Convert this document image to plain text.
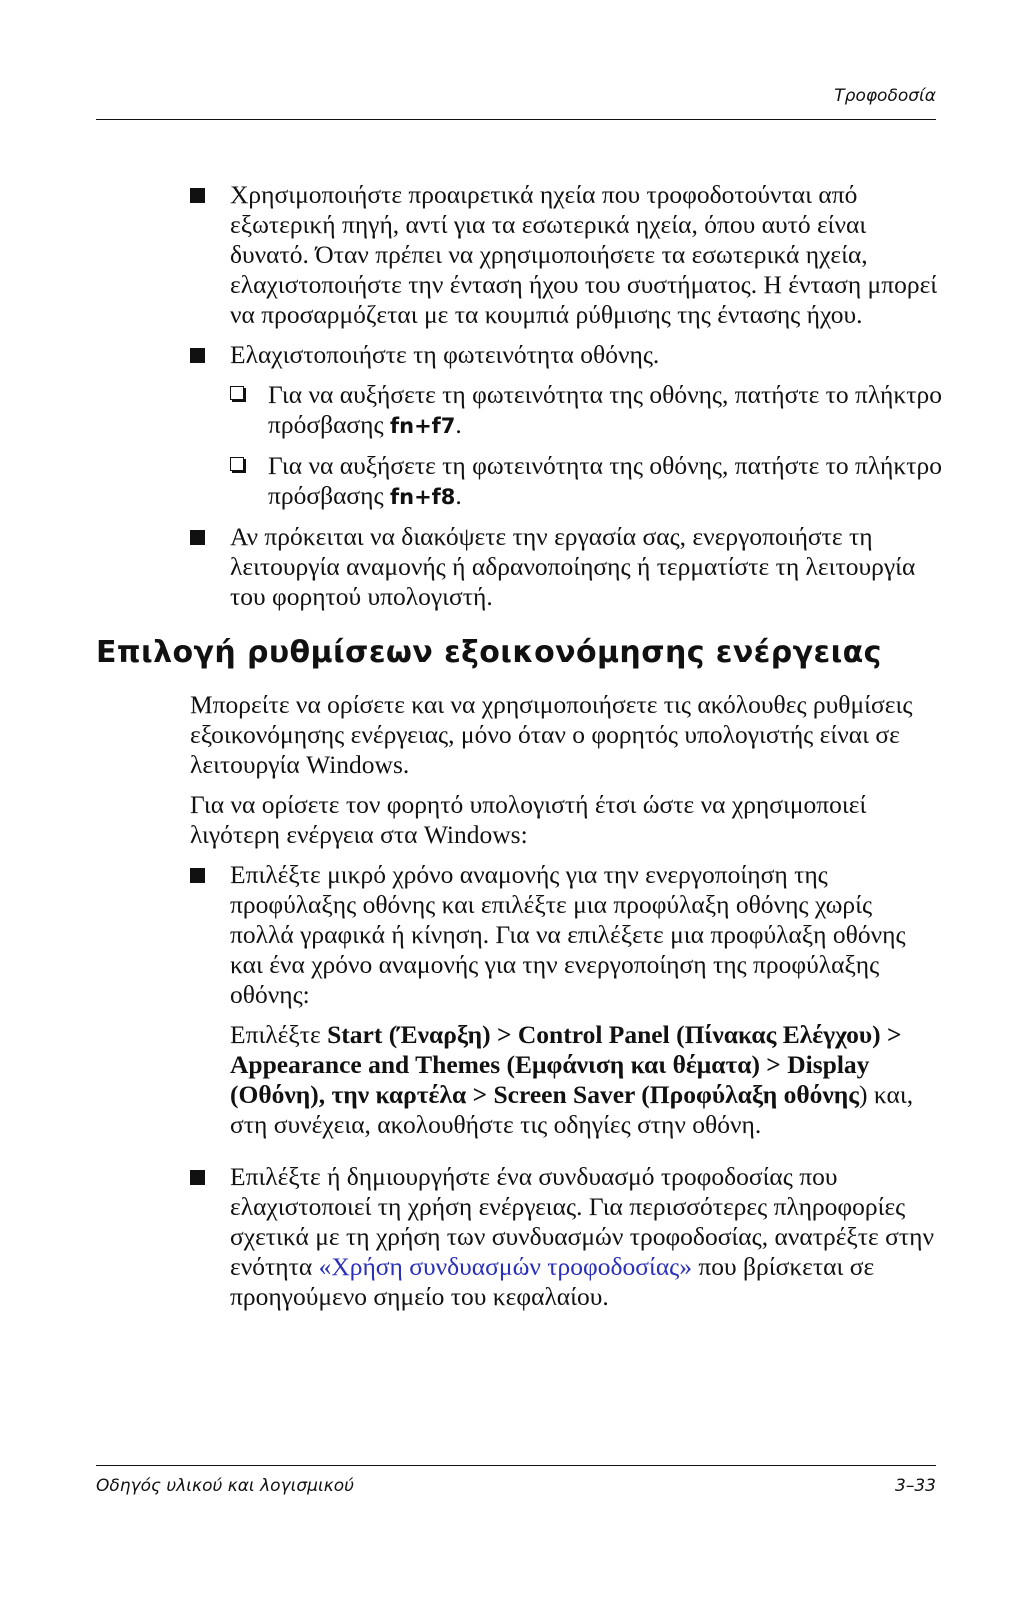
Τροφοδοσία
Χρησιμοποιήστε προαιρετικά ηχεία που τροφοδοτούνται από εξωτερική πηγή, αντί για τα εσωτερικά ηχεία, όπου αυτό είναι δυνατό. Όταν πρέπει να χρησιμοποιήσετε τα εσωτερικά ηχεία, ελαχιστοποιήστε την ένταση ήχου του συστήματος. Η ένταση μπορεί να προσαρμόζεται με τα κουμπιά ρύθμισης της έντασης ήχου.
Ελαχιστοποιήστε τη φωτεινότητα οθόνης.
Για να αυξήσετε τη φωτεινότητα της οθόνης, πατήστε το πλήκτρο πρόσβασης fn+f7.
Για να αυξήσετε τη φωτεινότητα της οθόνης, πατήστε το πλήκτρο πρόσβασης fn+f8.
Αν πρόκειται να διακόψετε την εργασία σας, ενεργοποιήστε τη λειτουργία αναμονής ή αδρανοποίησης ή τερματίστε τη λειτουργία του φορητού υπολογιστή.
Επιλογή ρυθμίσεων εξοικονόμησης ενέργειας
Μπορείτε να ορίσετε και να χρησιμοποιήσετε τις ακόλουθες ρυθμίσεις εξοικονόμησης ενέργειας, μόνο όταν ο φορητός υπολογιστής είναι σε λειτουργία Windows.
Για να ορίσετε τον φορητό υπολογιστή έτσι ώστε να χρησιμοποιεί λιγότερη ενέργεια στα Windows:
Επιλέξτε μικρό χρόνο αναμονής για την ενεργοποίηση της προφύλαξης οθόνης και επιλέξτε μια προφύλαξη οθόνης χωρίς πολλά γραφικά ή κίνηση. Για να επιλέξετε μια προφύλαξη οθόνης και ένα χρόνο αναμονής για την ενεργοποίηση της προφύλαξης οθόνης:
Επιλέξτε Start (Έναρξη) > Control Panel (Πίνακας Ελέγχου) > Appearance and Themes (Εμφάνιση και θέματα) > Display (Οθόνη), την καρτέλα > Screen Saver (Προφύλαξη οθόνης) και, στη συνέχεια, ακολουθήστε τις οδηγίες στην οθόνη.
Επιλέξτε ή δημιουργήστε ένα συνδυασμό τροφοδοσίας που ελαχιστοποιεί τη χρήση ενέργειας. Για περισσότερες πληροφορίες σχετικά με τη χρήση των συνδυασμών τροφοδοσίας, ανατρέξτε στην ενότητα «Χρήση συνδυασμών τροφοδοσίας» που βρίσκεται σε προηγούμενο σημείο του κεφαλαίου.
Οδηγός υλικού και λογισμικού	3–33
